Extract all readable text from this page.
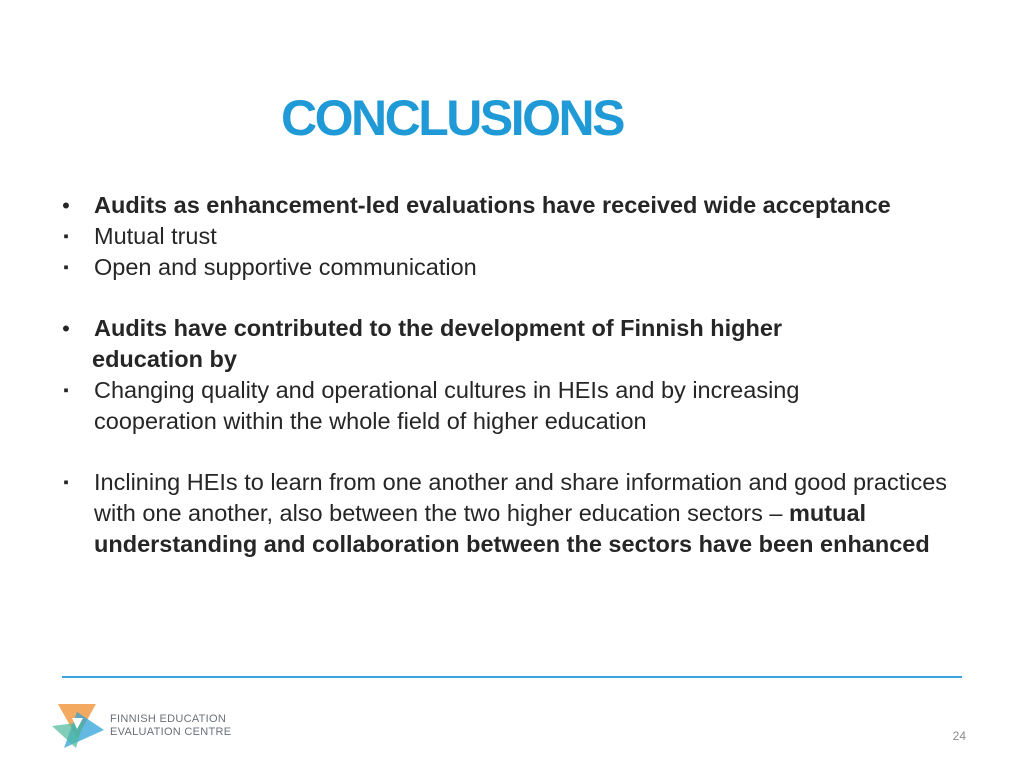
CONCLUSIONS
• Audits as enhancement-led evaluations have received wide acceptance
▪	Mutual trust
▪	Open and supportive communication
• Audits have contributed to the development of Finnish higher
education by
▪	Changing quality and operational cultures in HEIs and by increasing cooperation within the whole field of higher education
▪	Inclining HEIs to learn from one another and share information and good practices with one another, also between the two higher education sectors – mutual understanding and collaboration between the sectors have been enhanced
FINNISH EDUCATION
EVALUATION CENTRE	24
